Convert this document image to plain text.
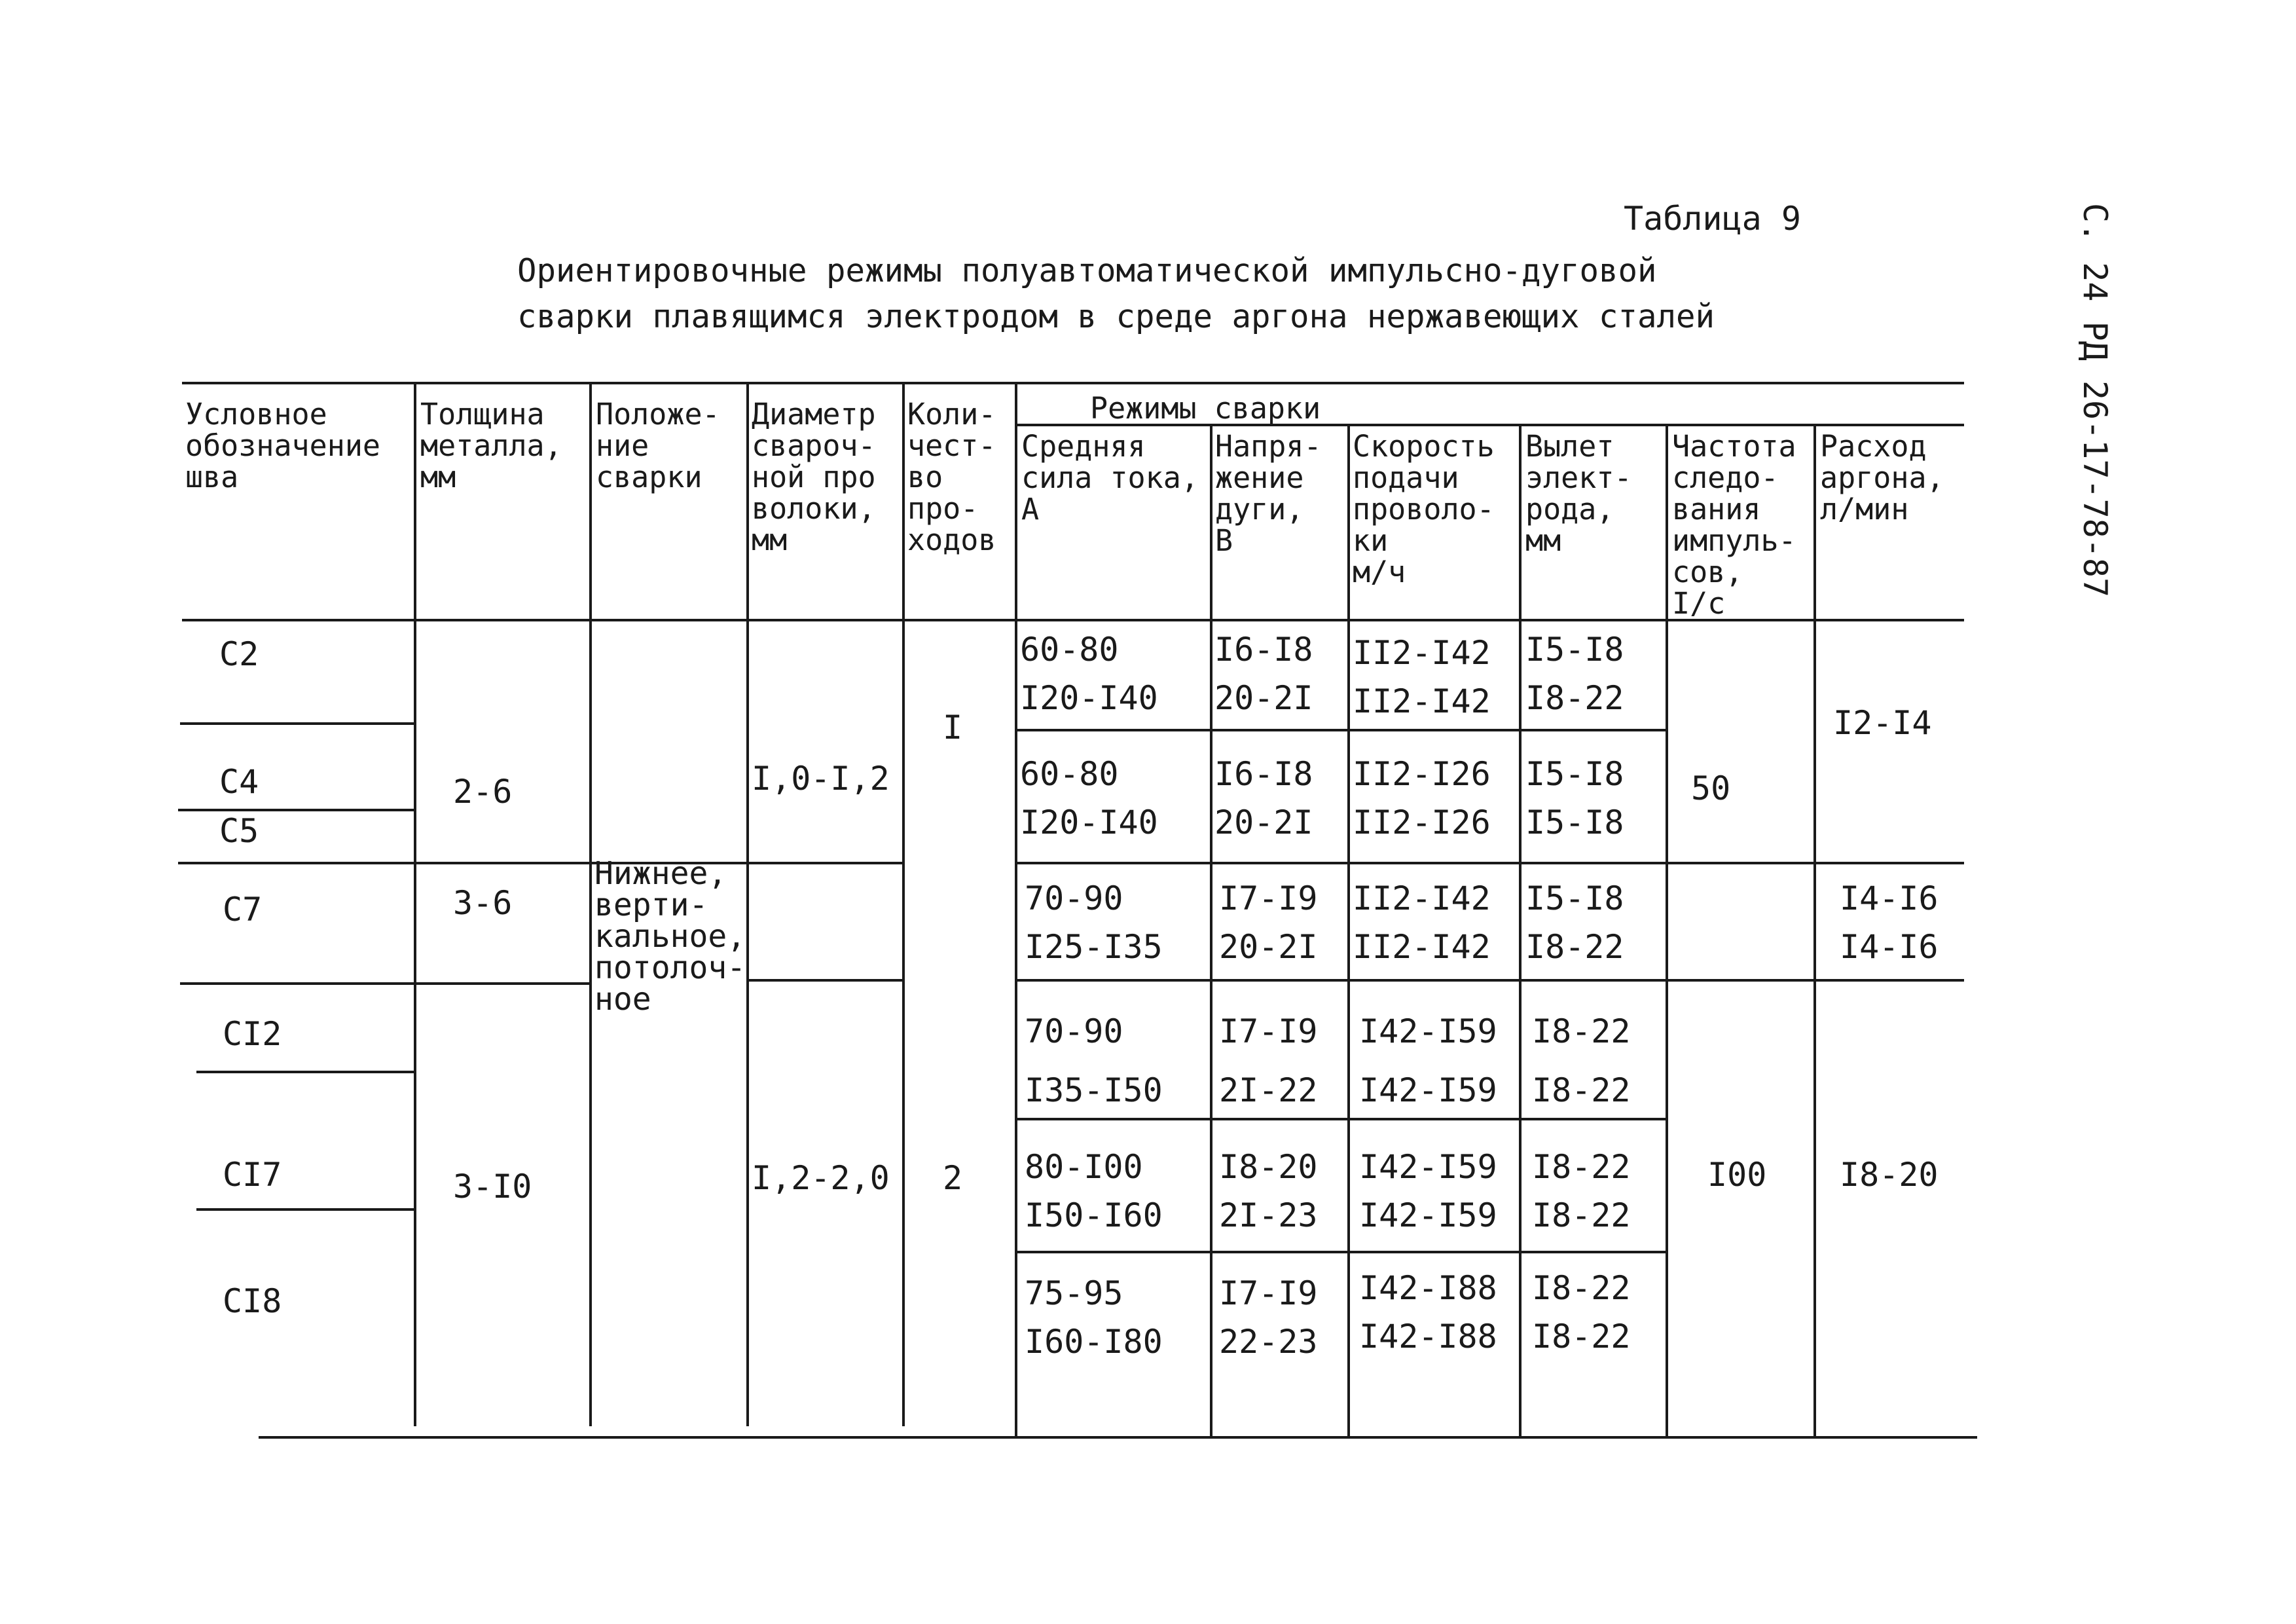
С. 24 РД 26-17-78-87
Таблица 9
Ориентировочные режимы полуавтоматической импульсно-дуговой
сварки плавящимся электродом в среде аргона нержавеющих сталей
Условное
обозначение
шва
Толщина
металла,
мм
Положе-
ние
сварки
Диаметр
свароч-
ной про
волоки,
мм
Коли-
чест-
во
про-
ходов
Режимы сварки
Средняя
сила тока,
А
Напря-
жение
дуги,
В
Скорость
подачи
проволо-
ки
м/ч
Вылет
элект-
рода,
мм
Частота
следо-
вания
импуль-
сов,
I/с
Расход
аргона,
л/мин
С2
С4
С5
С7
СI2
СI7
СI8
2-6
3-6
3-I0
Нижнее,
верти-
кальное,
потолоч-
ное
I,0-I,2
I,2-2,0
I
2
50
I00
I2-I4
I4-I6
I4-I6
I8-20
60-80
I20-I40
I6-I8
20-2I
II2-I42
II2-I42
I5-I8
I8-22
60-80
I20-I40
I6-I8
20-2I
II2-I26
II2-I26
I5-I8
I5-I8
70-90
I25-I35
I7-I9
20-2I
II2-I42
II2-I42
I5-I8
I8-22
70-90
I35-I50
I7-I9
2I-22
I42-I59
I42-I59
I8-22
I8-22
80-I00
I50-I60
I8-20
2I-23
I42-I59
I42-I59
I8-22
I8-22
75-95
I60-I80
I7-I9
22-23
I42-I88
I42-I88
I8-22
I8-22
